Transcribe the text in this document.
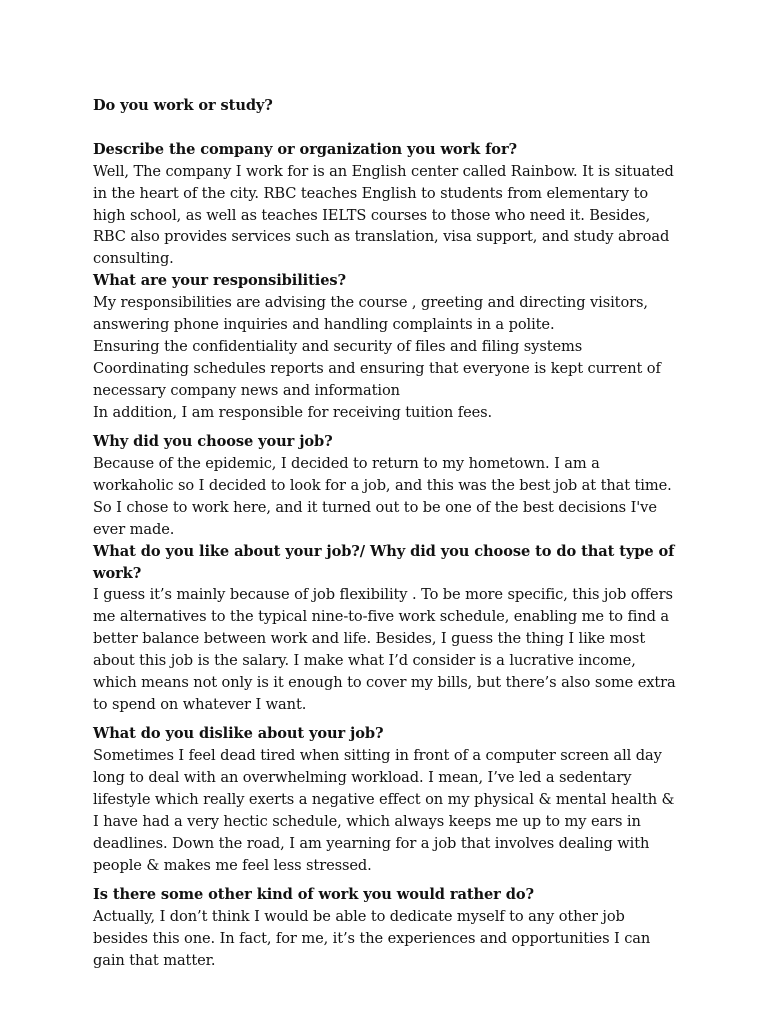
Do you work or study?

Describe the company or organization you work for?

Well, The company I work for is an English center called Rainbow. It is situated in the heart of the city. RBC teaches English to students from elementary to high school, as well as teaches IELTS courses to those who need it. Besides, RBC also provides services such as translation, visa support, and study abroad consulting.

What are your responsibilities?

My responsibilities are advising the course , greeting and directing visitors, answering phone inquiries and handling complaints in a polite.

Ensuring the confidentiality and security of files and filing systems

Coordinating schedules reports and ensuring that everyone is kept current of necessary company news and information

In addition, I am responsible for receiving tuition fees.

Why did you choose your job?

Because of the epidemic, I decided to return to my hometown. I am a workaholic so I decided to look for a job, and this was the best job at that time. So I chose to work here, and it turned out to be one of the best decisions I've ever made.

What do you like about your job?/ Why did you choose to do that type of work?

I guess it’s mainly because of job flexibility . To be more specific, this job offers me alternatives to the typical nine-to-five work schedule, enabling me to find a better balance between work and life. Besides, I guess the thing I like most about this job is the salary. I make what I’d consider is a lucrative income, which means not only is it enough to cover my bills, but there’s also some extra to spend on whatever I want.

What do you dislike about your job?

Sometimes I feel dead tired when sitting in front of a computer screen all day long to deal with an overwhelming workload. I mean, I’ve led a sedentary lifestyle which really exerts a negative effect on my physical & mental health & I have had a very hectic schedule, which always keeps me up to my ears in deadlines. Down the road, I am yearning for a job that involves dealing with people & makes me feel less stressed.

Is there some other kind of work you would rather do?

Actually, I don’t think I would be able to dedicate myself to any other job besides this one. In fact, for me, it’s the experiences and opportunities I can gain that matter.
